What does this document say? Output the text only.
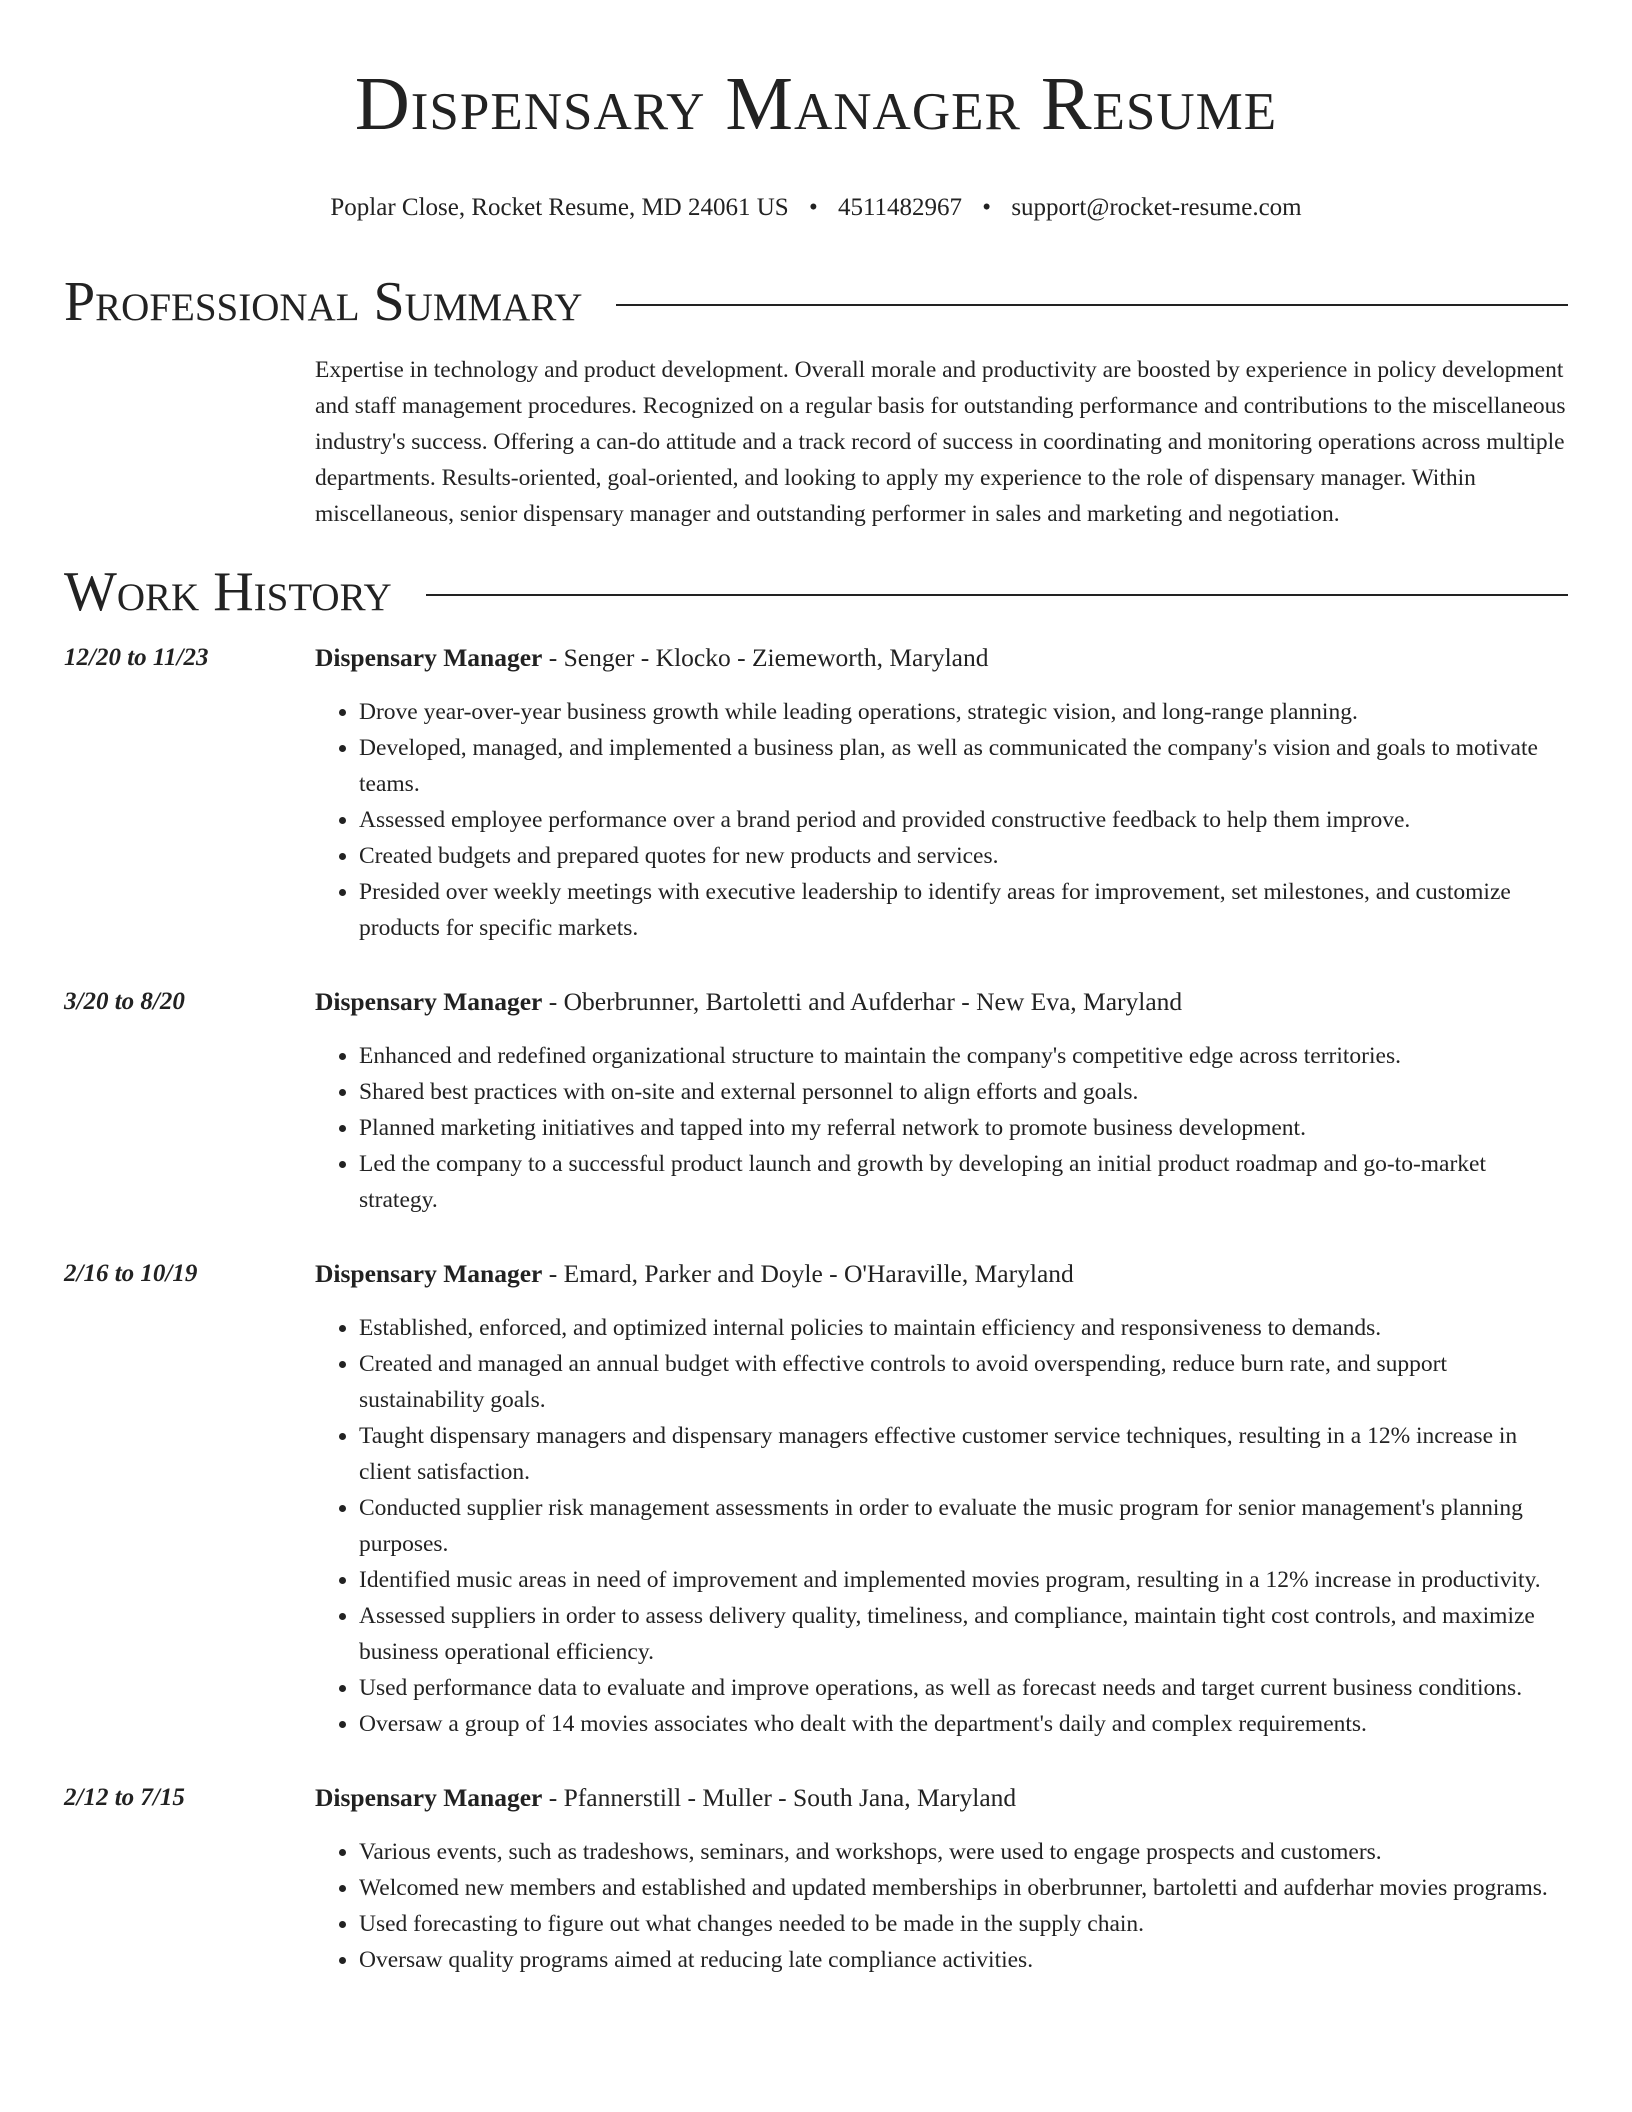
Dispensary Manager Resume
Poplar Close, Rocket Resume, MD 24061 US • 4511482967 • support@rocket-resume.com
Professional Summary
Expertise in technology and product development. Overall morale and productivity are boosted by experience in policy development and staff management procedures. Recognized on a regular basis for outstanding performance and contributions to the miscellaneous industry's success. Offering a can-do attitude and a track record of success in coordinating and monitoring operations across multiple departments. Results-oriented, goal-oriented, and looking to apply my experience to the role of dispensary manager. Within miscellaneous, senior dispensary manager and outstanding performer in sales and marketing and negotiation.
Work History
12/20 to 11/23	Dispensary Manager - Senger - Klocko - Ziemeworth, Maryland
• Drove year-over-year business growth while leading operations, strategic vision, and long-range planning.
• Developed, managed, and implemented a business plan, as well as communicated the company's vision and goals to motivate teams.
• Assessed employee performance over a brand period and provided constructive feedback to help them improve.
• Created budgets and prepared quotes for new products and services.
• Presided over weekly meetings with executive leadership to identify areas for improvement, set milestones, and customize products for specific markets.
3/20 to 8/20	Dispensary Manager - Oberbrunner, Bartoletti and Aufderhar - New Eva, Maryland
• Enhanced and redefined organizational structure to maintain the company's competitive edge across territories.
• Shared best practices with on-site and external personnel to align efforts and goals.
• Planned marketing initiatives and tapped into my referral network to promote business development.
• Led the company to a successful product launch and growth by developing an initial product roadmap and go-to-market strategy.
2/16 to 10/19	Dispensary Manager - Emard, Parker and Doyle - O'Haraville, Maryland
• Established, enforced, and optimized internal policies to maintain efficiency and responsiveness to demands.
• Created and managed an annual budget with effective controls to avoid overspending, reduce burn rate, and support sustainability goals.
• Taught dispensary managers and dispensary managers effective customer service techniques, resulting in a 12% increase in client satisfaction.
• Conducted supplier risk management assessments in order to evaluate the music program for senior management's planning purposes.
• Identified music areas in need of improvement and implemented movies program, resulting in a 12% increase in productivity.
• Assessed suppliers in order to assess delivery quality, timeliness, and compliance, maintain tight cost controls, and maximize business operational efficiency.
• Used performance data to evaluate and improve operations, as well as forecast needs and target current business conditions.
• Oversaw a group of 14 movies associates who dealt with the department's daily and complex requirements.
2/12 to 7/15	Dispensary Manager - Pfannerstill - Muller - South Jana, Maryland
• Various events, such as tradeshows, seminars, and workshops, were used to engage prospects and customers.
• Welcomed new members and established and updated memberships in oberbrunner, bartoletti and aufderhar movies programs.
• Used forecasting to figure out what changes needed to be made in the supply chain.
• Oversaw quality programs aimed at reducing late compliance activities.
